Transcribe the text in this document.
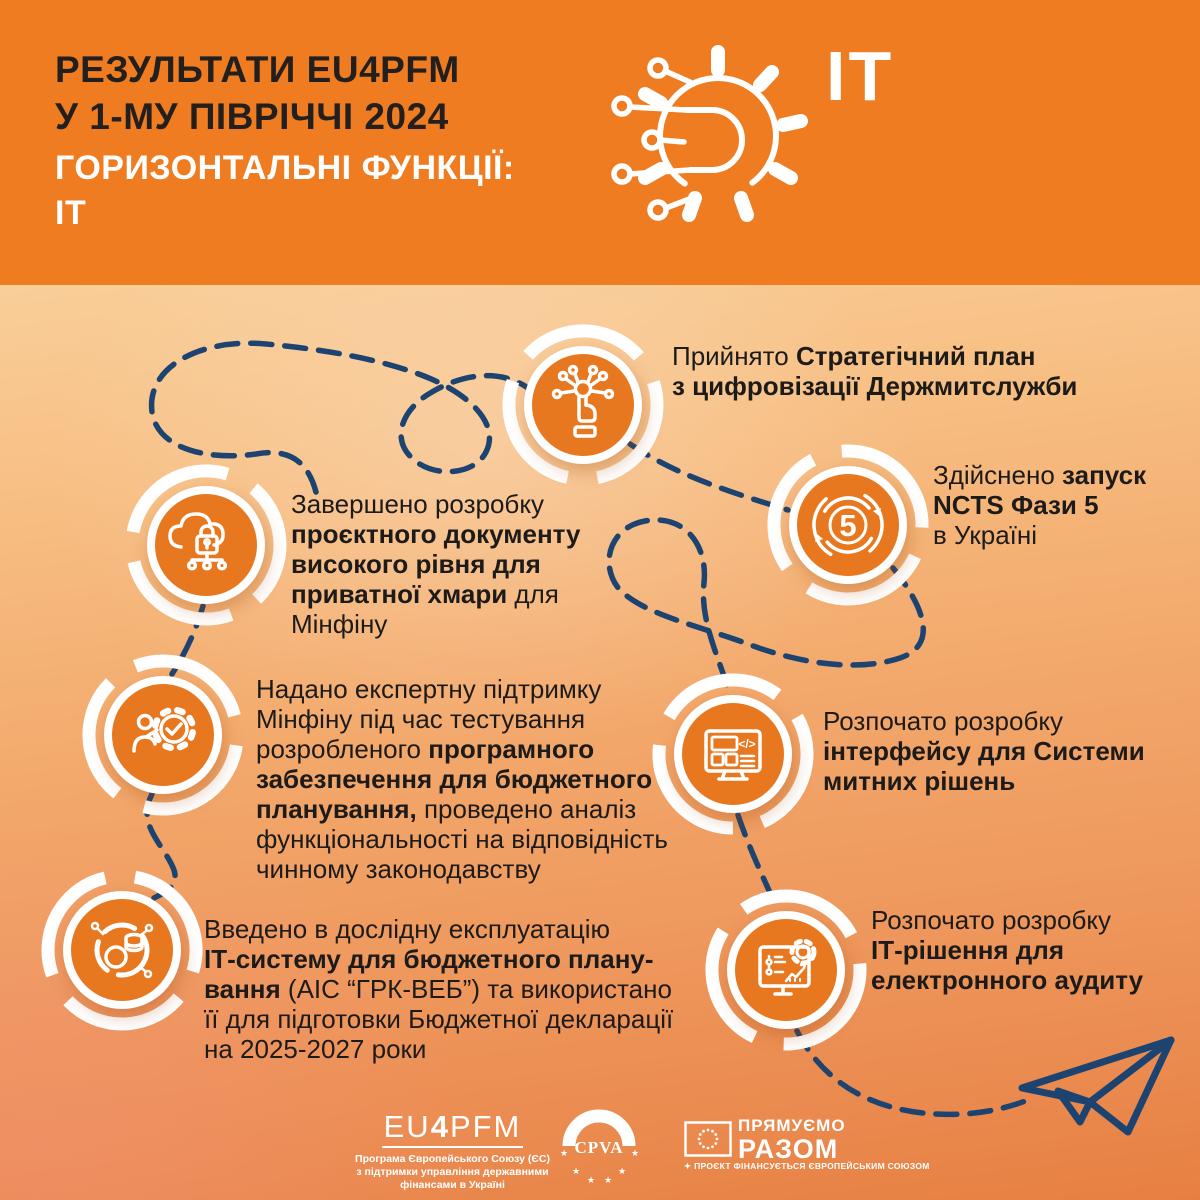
РЕЗУЛЬТАТИ EU4PFM
У 1-МУ ПІВРІЧЧІ 2024
ГОРИЗОНТАЛЬНІ ФУНКЦІЇ:
ІТ
IT
5
</>
Прийнято Стратегічний план
з цифровізації Держмитслужби
Здійснено запуск
NCTS Фази 5
в Україні
Завершено розробку
проєктного документу
високого рівня для
приватної хмари для
Мінфіну
Надано експертну підтримку
Мінфіну під час тестування
розробленого програмного
забезпечення для бюджетного
планування, проведено аналіз
функціональності на відповідність
чинному законодавству
Розпочато розробку
інтерфейсу для Системи
митних рішень
Введено в дослідну експлуатацію
ІТ-систему для бюджетного плану-
вання (АІС “ГРК-ВЕБ”) та використано
її для підготовки Бюджетної декларації
на 2025-2027 роки
Розпочато розробку
ІТ-рішення для
електронного аудиту
EU4PFM
Програма Європейського Союзу (ЄС)
з підтримки управління державними
фінансами в Україні
CPVA
★	★
★	★
★ ★
ПРЯМУЄМО
РАЗОМ
✦ ПРОЄКТ ФІНАНСУЄТЬСЯ ЄВРОПЕЙСЬКИМ СОЮЗОМ
